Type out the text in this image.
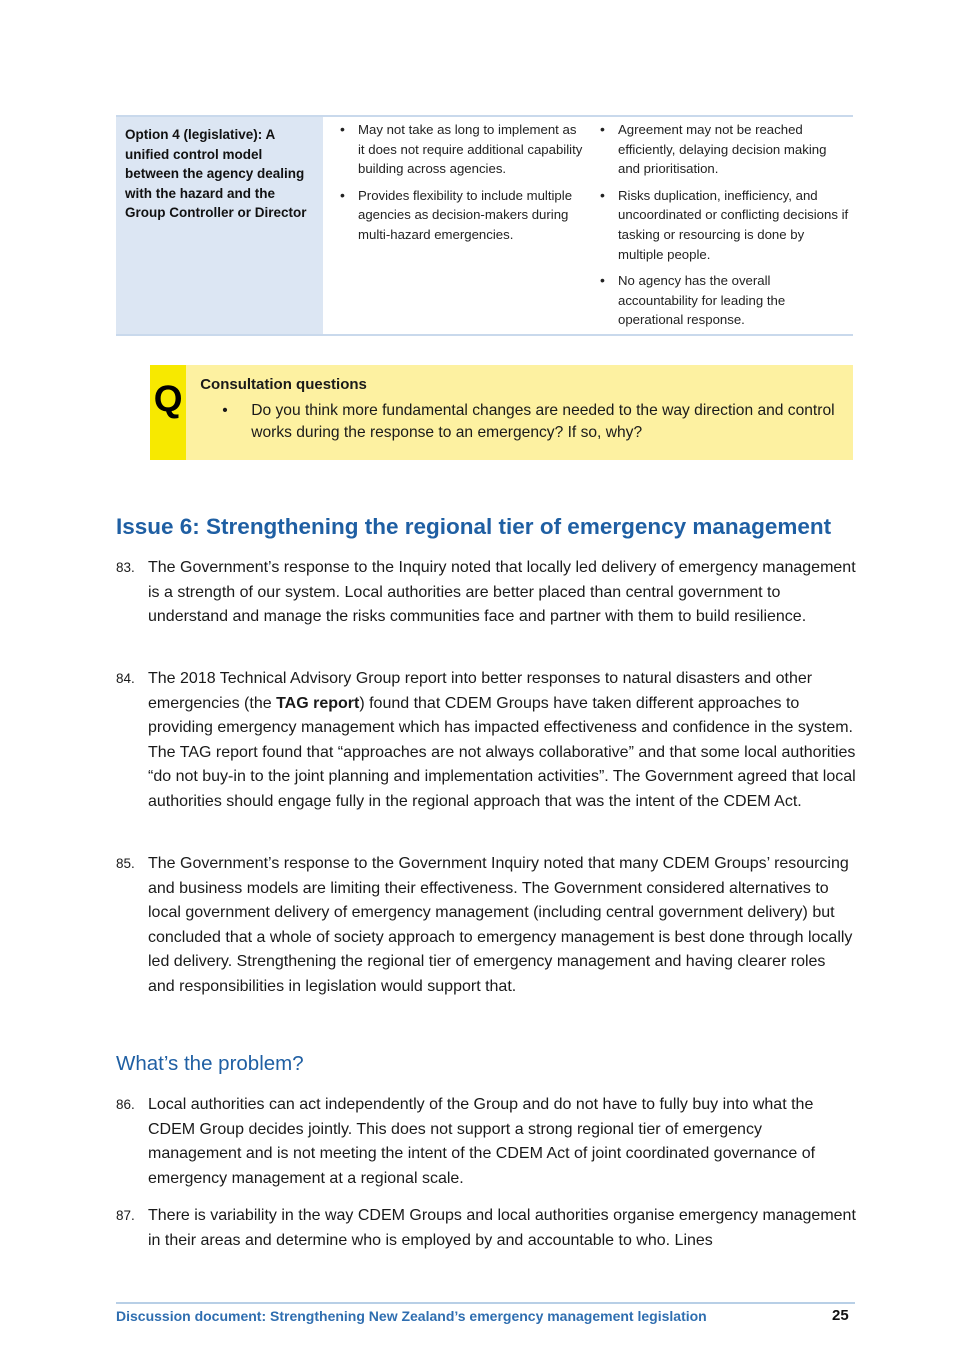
Option 4 (legislative): A unified control model between the agency dealing with the hazard and the Group Controller or Director
• May not take as long to implement as it does not require additional capability building across agencies.
• Provides flexibility to include multiple agencies as decision-makers during multi-hazard emergencies.
• Agreement may not be reached efficiently, delaying decision making and prioritisation.
• Risks duplication, inefficiency, and uncoordinated or conflicting decisions if tasking or resourcing is done by multiple people.
• No agency has the overall accountability for leading the operational response.
Q Consultation questions
• Do you think more fundamental changes are needed to the way direction and control works during the response to an emergency? If so, why?
Issue 6: Strengthening the regional tier of emergency management
83. The Government’s response to the Inquiry noted that locally led delivery of emergency management is a strength of our system. Local authorities are better placed than central government to understand and manage the risks communities face and partner with them to build resilience.
84. The 2018 Technical Advisory Group report into better responses to natural disasters and other emergencies (the TAG report) found that CDEM Groups have taken different approaches to providing emergency management which has impacted effectiveness and confidence in the system. The TAG report found that “approaches are not always collaborative” and that some local authorities “do not buy-in to the joint planning and implementation activities”. The Government agreed that local authorities should engage fully in the regional approach that was the intent of the CDEM Act.
85. The Government’s response to the Government Inquiry noted that many CDEM Groups’ resourcing and business models are limiting their effectiveness. The Government considered alternatives to local government delivery of emergency management (including central government delivery) but concluded that a whole of society approach to emergency management is best done through locally led delivery. Strengthening the regional tier of emergency management and having clearer roles and responsibilities in legislation would support that.
What’s the problem?
86. Local authorities can act independently of the Group and do not have to fully buy into what the CDEM Group decides jointly. This does not support a strong regional tier of emergency management and is not meeting the intent of the CDEM Act of joint coordinated governance of emergency management at a regional scale.
87. There is variability in the way CDEM Groups and local authorities organise emergency management in their areas and determine who is employed by and accountable to who. Lines
Discussion document: Strengthening New Zealand’s emergency management legislation	25
